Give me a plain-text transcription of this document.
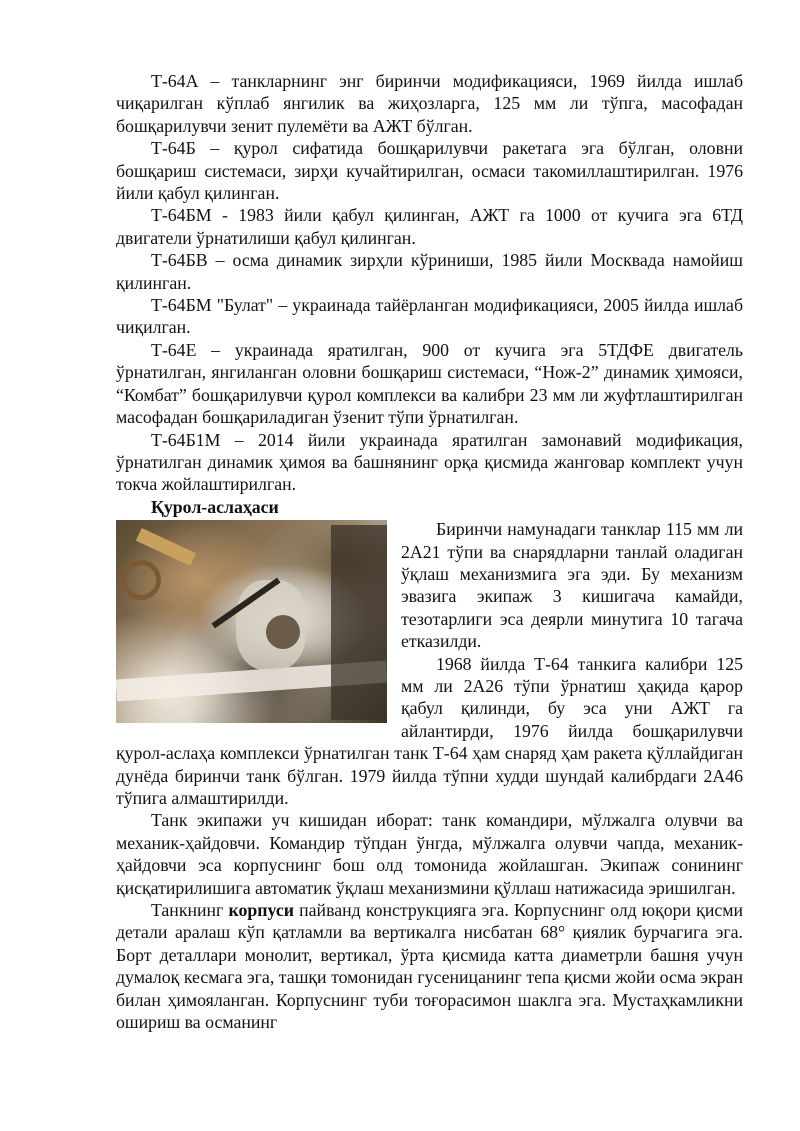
Т-64А – танкларнинг энг биринчи модификацияси, 1969 йилда ишлаб чиқарилган кўплаб янгилик ва жиҳозларга, 125 мм ли тўпга, масофадан бошқарилувчи зенит пулемёти ва АЖТ бўлган.

Т-64Б – қурол сифатида бошқарилувчи ракетага эга бўлган, оловни бошқариш системаси, зирҳи кучайтирилган, осмаси такомиллаштирилган. 1976 йили қабул қилинган.

Т-64БМ - 1983 йили қабул қилинган, АЖТ га 1000 от кучига эга 6ТД двигатели ўрнатилиши қабул қилинган.

Т-64БВ – осма динамик зирҳли кўриниши, 1985 йили Москвада намойиш қилинган.

Т-64БМ "Булат" – украинада тайёрланган модификацияси, 2005 йилда ишлаб чиқилган.

Т-64Е – украинада яратилган, 900 от кучига эга 5ТДФЕ двигатель ўрнатилган, янгиланган оловни бошқариш системаси, “Нож-2” динамик ҳимояси, “Комбат” бошқарилувчи қурол комплекси ва калибри 23 мм ли жуфтлаштирилган масофадан бошқариладиган ўзенит тўпи ўрнатилган.

Т-64Б1М – 2014 йили украинада яратилган замонавий модификация, ўрнатилган динамик ҳимоя ва башнянинг орқа қисмида жанговар комплект учун токча жойлаштирилган.

Қурол-аслаҳаси

Биринчи намунадаги танклар 115 мм ли 2А21 тўпи ва снарядларни танлай оладиган ўқлаш механизмига эга эди. Бу механизм эвазига экипаж 3 кишигача камайди, тезотарлиги эса деярли минутига 10 тагача етказилди.

1968 йилда Т-64 танкига калибри 125 мм ли 2А26 тўпи ўрнатиш ҳақида қарор қабул қилинди, бу эса уни АЖТ га айлантирди, 1976 йилда бошқарилувчи қурол-аслаҳа комплекси ўрнатилган танк Т-64 ҳам снаряд ҳам ракета қўллайдиган дунёда биринчи танк бўлган. 1979 йилда тўпни худди шундай калибрдаги 2А46 тўпига алмаштирилди.

Танк экипажи уч кишидан иборат: танк командири, мўлжалга олувчи ва механик-ҳайдовчи. Командир тўпдан ўнгда, мўлжалга олувчи чапда, механик-ҳайдовчи эса корпуснинг бош олд томонида жойлашган. Экипаж сонининг қисқатирилишига автоматик ўқлаш механизмини қўллаш натижасида эришилган.

Танкнинг корпуси пайванд конструкцияга эга. Корпуснинг олд юқори қисми детали аралаш кўп қатламли ва вертикалга нисбатан 68° қиялик бурчагига эга. Борт деталлари монолит, вертикал, ўрта қисмида катта диаметрли башня учун думалоқ кесмага эга, ташқи томонидан гусеницанинг тепа қисми жойи осма экран билан ҳимояланган. Корпуснинг туби тоғорасимон шаклга эга. Мустаҳкамликни ошириш ва османинг
